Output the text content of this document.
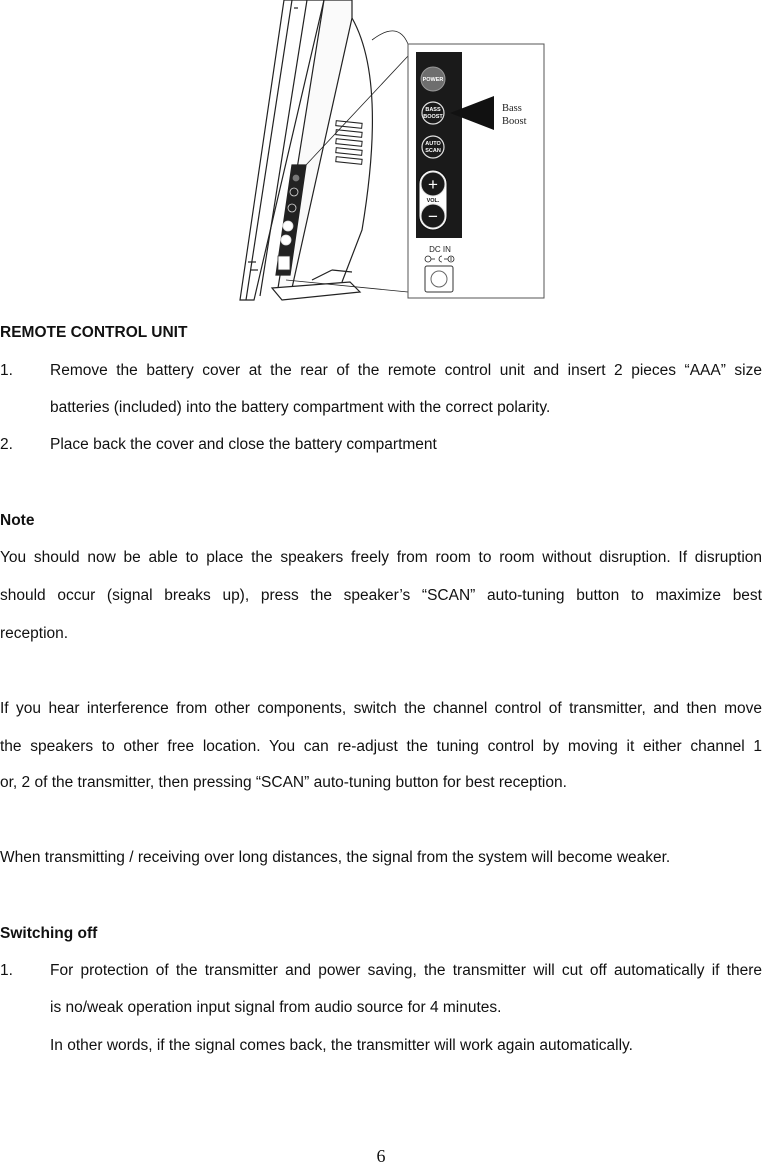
POWER
BASS
BOOST
AUTO
SCAN
+
VOL.
−
DC IN
Bass
Boost
REMOTE CONTROL UNIT
1.	Remove the battery cover at the rear of the remote control unit and insert 2 pieces “AAA” size
batteries (included) into the battery compartment with the correct polarity.
2.	Place back the cover and close the battery compartment
Note
You should now be able to place the speakers freely from room to room without disruption. If disruption
should occur (signal breaks up), press the speaker’s “SCAN” auto-tuning button to maximize best
reception.
If you hear interference from other components, switch the channel control of transmitter, and then move
the speakers to other free location. You can re-adjust the tuning control by moving it either channel 1
or, 2 of the transmitter, then pressing “SCAN” auto-tuning button for best reception.
When transmitting / receiving over long distances, the signal from the system will become weaker.
Switching off
1.	For protection of the transmitter and power saving, the transmitter will cut off automatically if there
is no/weak operation input signal from audio source for 4 minutes.
In other words, if the signal comes back, the transmitter will work again automatically.
6
